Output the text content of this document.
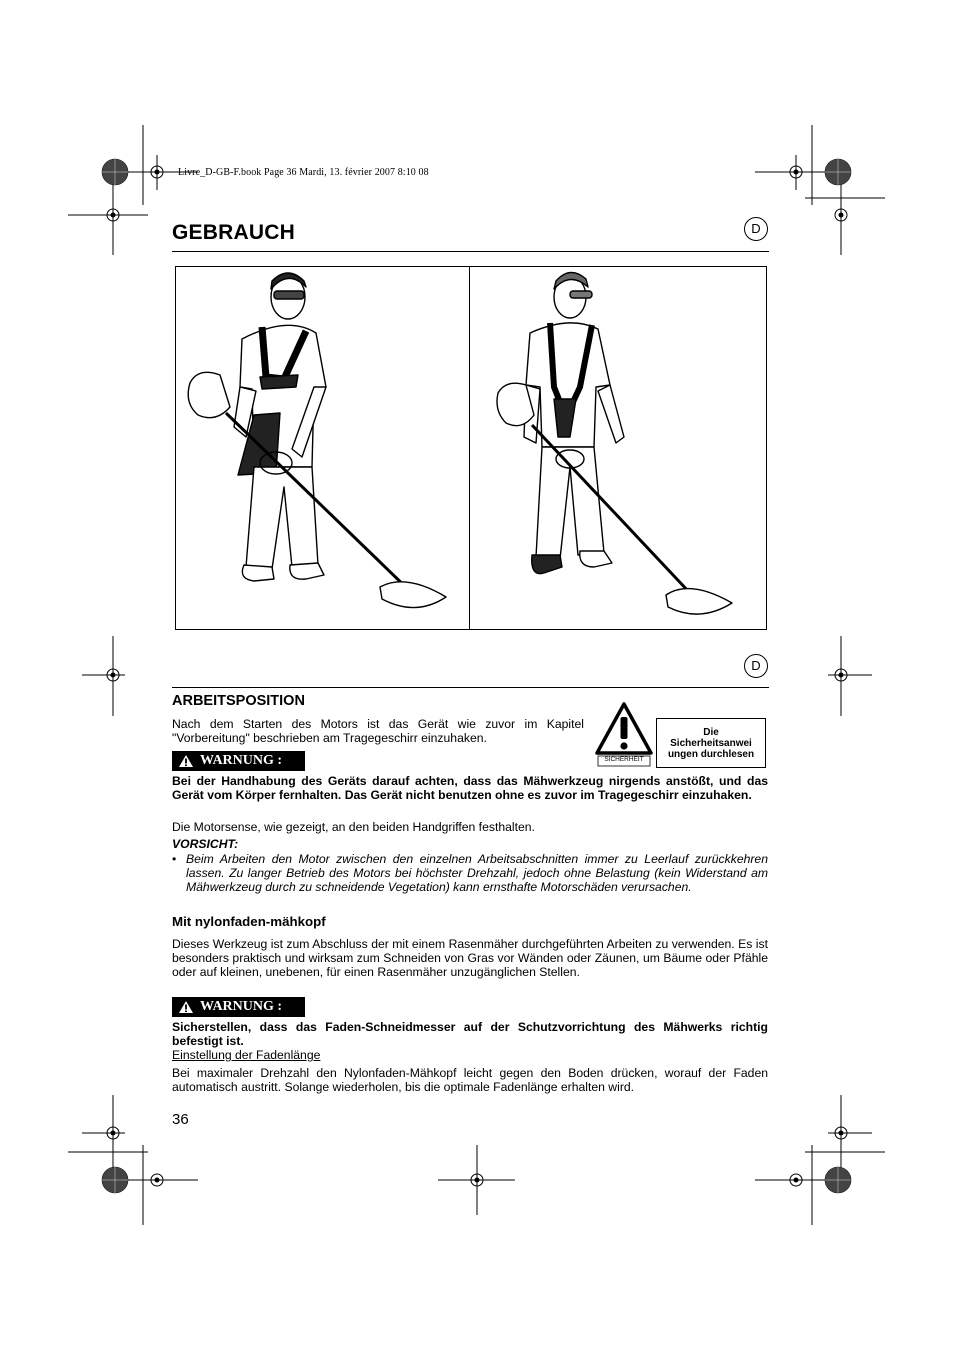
Livre_D-GB-F.book Page 36 Mardi, 13. février 2007 8:10 08
GEBRAUCH	D
D
ARBEITSPOSITION
Nach dem Starten des Motors ist das Gerät wie zuvor im Kapitel "Vorbereitung" beschrieben am Tragegeschirr einzuhaken.
SICHERHEIT
Die Sicherheitsanwei ungen durchlesen
WARNUNG :
Bei der Handhabung des Geräts darauf achten, dass das Mähwerkzeug nirgends anstößt, und das Gerät vom Körper fernhalten. Das Gerät nicht benutzen ohne es zuvor im Tragegeschirr einzuhaken.
Die Motorsense, wie gezeigt, an den beiden Handgriffen festhalten.
VORSICHT:
• Beim Arbeiten den Motor zwischen den einzelnen Arbeitsabschnitten immer zu Leerlauf zurückkehren lassen. Zu langer Betrieb des Motors bei höchster Drehzahl, jedoch ohne Belastung (kein Widerstand am Mähwerkzeug durch zu schneidende Vegetation) kann ernsthafte Motorschäden verursachen.
Mit nylonfaden-mähkopf
Dieses Werkzeug ist zum Abschluss der mit einem Rasenmäher durchgeführten Arbeiten zu verwenden. Es ist besonders praktisch und wirksam zum Schneiden von Gras vor Wänden oder Zäunen, um Bäume oder Pfähle oder auf kleinen, unebenen, für einen Rasenmäher unzugänglichen Stellen.
WARNUNG :
Sicherstellen, dass das Faden-Schneidmesser auf der Schutzvorrichtung des Mähwerks richtig befestigt ist.
Einstellung der Fadenlänge
Bei maximaler Drehzahl den Nylonfaden-Mähkopf leicht gegen den Boden drücken, worauf der Faden automatisch austritt. Solange wiederholen, bis die optimale Fadenlänge erhalten wird.
36
